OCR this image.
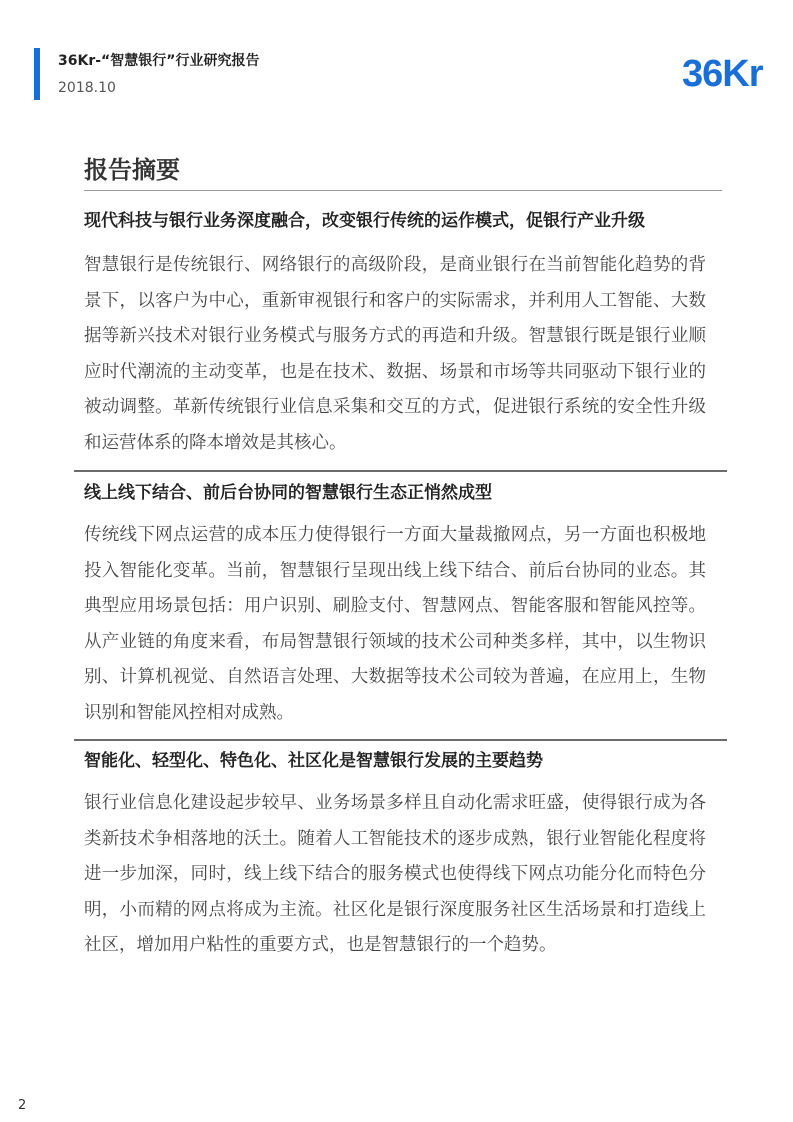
36Kr-“智慧银行”行业研究报告
2018.10	36Kr
报告摘要
现代科技与银行业务深度融合，改变银行传统的运作模式，促银行产业升级
智慧银行是传统银行、网络银行的高级阶段，是商业银行在当前智能化趋势的背景下，以客户为中心，重新审视银行和客户的实际需求，并利用人工智能、大数据等新兴技术对银行业务模式与服务方式的再造和升级。智慧银行既是银行业顺应时代潮流的主动变革，也是在技术、数据、场景和市场等共同驱动下银行业的被动调整。革新传统银行业信息采集和交互的方式，促进银行系统的安全性升级和运营体系的降本增效是其核心。
线上线下结合、前后台协同的智慧银行生态正悄然成型
传统线下网点运营的成本压力使得银行一方面大量裁撤网点，另一方面也积极地投入智能化变革。当前，智慧银行呈现出线上线下结合、前后台协同的业态。其典型应用场景包括：用户识别、刷脸支付、智慧网点、智能客服和智能风控等。从产业链的角度来看，布局智慧银行领域的技术公司种类多样，其中，以生物识别、计算机视觉、自然语言处理、大数据等技术公司较为普遍，在应用上，生物识别和智能风控相对成熟。
智能化、轻型化、特色化、社区化是智慧银行发展的主要趋势
银行业信息化建设起步较早、业务场景多样且自动化需求旺盛，使得银行成为各类新技术争相落地的沃土。随着人工智能技术的逐步成熟，银行业智能化程度将进一步加深，同时，线上线下结合的服务模式也使得线下网点功能分化而特色分明，小而精的网点将成为主流。社区化是银行深度服务社区生活场景和打造线上社区，增加用户粘性的重要方式，也是智慧银行的一个趋势。
2
